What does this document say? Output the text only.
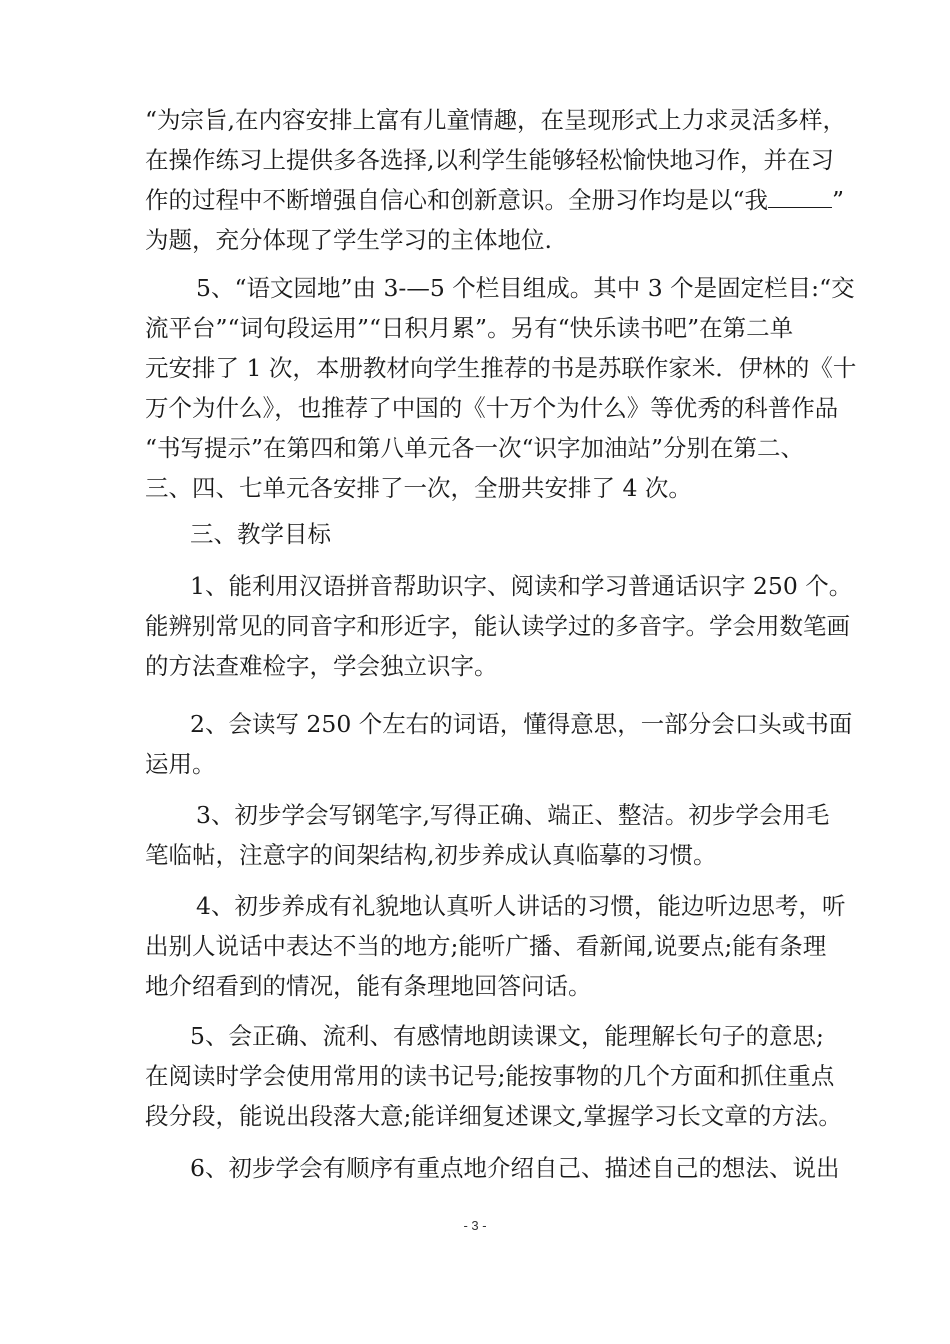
“为宗旨,在内容安排上富有儿童情趣，在呈现形式上力求灵活多样，
在操作练习上提供多各选择,以利学生能够轻松愉快地习作，并在习
作的过程中不断增强自信心和创新意识。全册习作均是以“我	”
为题，充分体现了学生学习的主体地位.
5、“语文园地”由 3-—5 个栏目组成。其中 3 个是固定栏目:“交
流平台”“词句段运用”“日积月累”。另有“快乐读书吧”在第二单
元安排了 1 次，本册教材向学生推荐的书是苏联作家米．伊林的《十
万个为什么》，也推荐了中国的《十万个为什么》等优秀的科普作品
“书写提示”在第四和第八单元各一次“识字加油站”分别在第二、
三、四、七单元各安排了一次，全册共安排了 4 次。
三、教学目标
1、能利用汉语拼音帮助识字、阅读和学习普通话识字 250 个。
能辨别常见的同音字和形近字，能认读学过的多音字。学会用数笔画
的方法查难检字，学会独立识字。
2、会读写 250 个左右的词语，懂得意思，一部分会口头或书面
运用。
3、初步学会写钢笔字,写得正确、端正、整洁。初步学会用毛
笔临帖，注意字的间架结构,初步养成认真临摹的习惯。
4、初步养成有礼貌地认真听人讲话的习惯，能边听边思考，听
出别人说话中表达不当的地方;能听广播、看新闻,说要点;能有条理
地介绍看到的情况，能有条理地回答问话。
5、会正确、流利、有感情地朗读课文，能理解长句子的意思;
在阅读时学会使用常用的读书记号;能按事物的几个方面和抓住重点
段分段，能说出段落大意;能详细复述课文,掌握学习长文章的方法。
6、初步学会有顺序有重点地介绍自己、描述自己的想法、说出
- 3 -
